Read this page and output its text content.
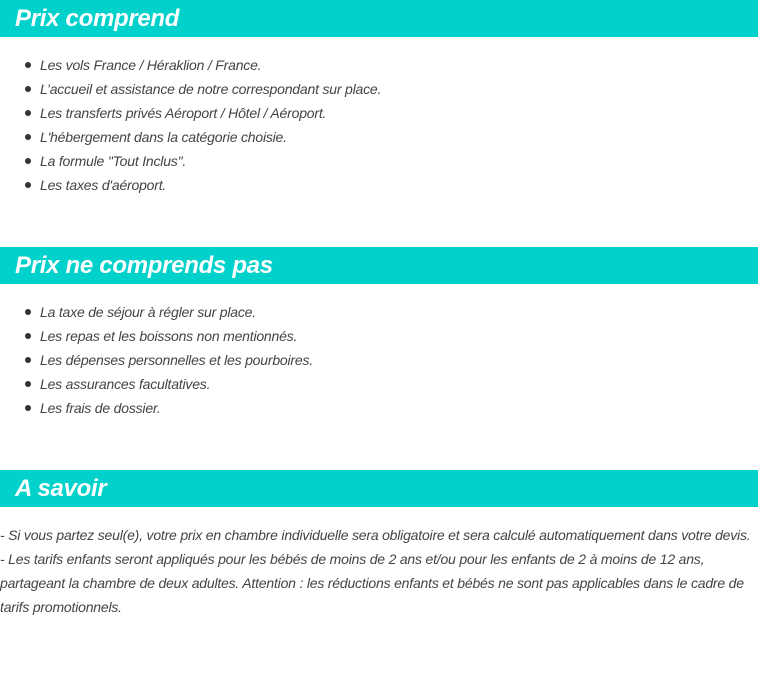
Prix comprend
Les vols France / Héraklion / France.
L’accueil et assistance de notre correspondant sur place.
Les transferts privés Aéroport / Hôtel / Aéroport.
L'hébergement dans la catégorie choisie.
La formule "Tout Inclus".
Les taxes d'aéroport.
Prix ne comprends pas
La taxe de séjour à régler sur place.
Les repas et les boissons non mentionnés.
Les dépenses personnelles et les pourboires.
Les assurances facultatives.
Les frais de dossier.
A savoir

- Si vous partez seul(e), votre prix en chambre individuelle sera obligatoire et sera calculé automatiquement dans votre devis.

- Les tarifs enfants seront appliqués pour les bébés de moins de 2 ans et/ou pour les enfants de 2 à moins de 12 ans, partageant la chambre de deux adultes. Attention : les réductions enfants et bébés ne sont pas applicables dans le cadre de tarifs promotionnels.
